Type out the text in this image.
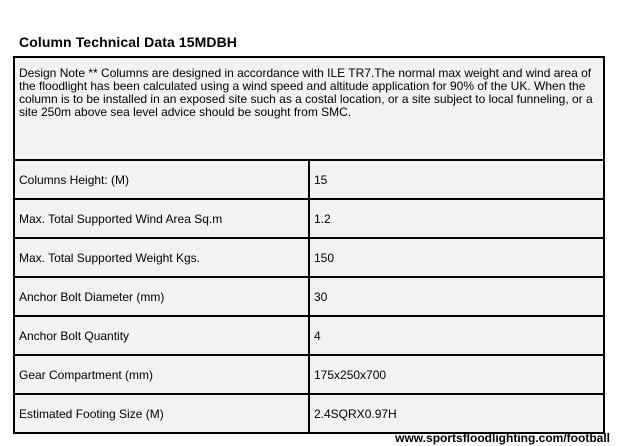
Column Technical Data 15MDBH
Design Note ** Columns are designed in accordance with ILE TR7.The normal max weight and wind area of the floodlight has been calculated using a wind speed and altitude application for 90% of the UK. When the column is to be installed in an exposed site such as a costal location, or a site subject to local funneling, or a site 250m above sea level advice should be sought from SMC.	
Columns Height: (M)	15
Max. Total Supported Wind Area Sq.m	1.2
Max. Total Supported Weight Kgs.	150
Anchor Bolt Diameter (mm)	30
Anchor Bolt Quantity	4
Gear Compartment (mm)	175x250x700
Estimated Footing Size (M)	2.4SQRX0.97H
www.sportsfloodlighting.com/football
